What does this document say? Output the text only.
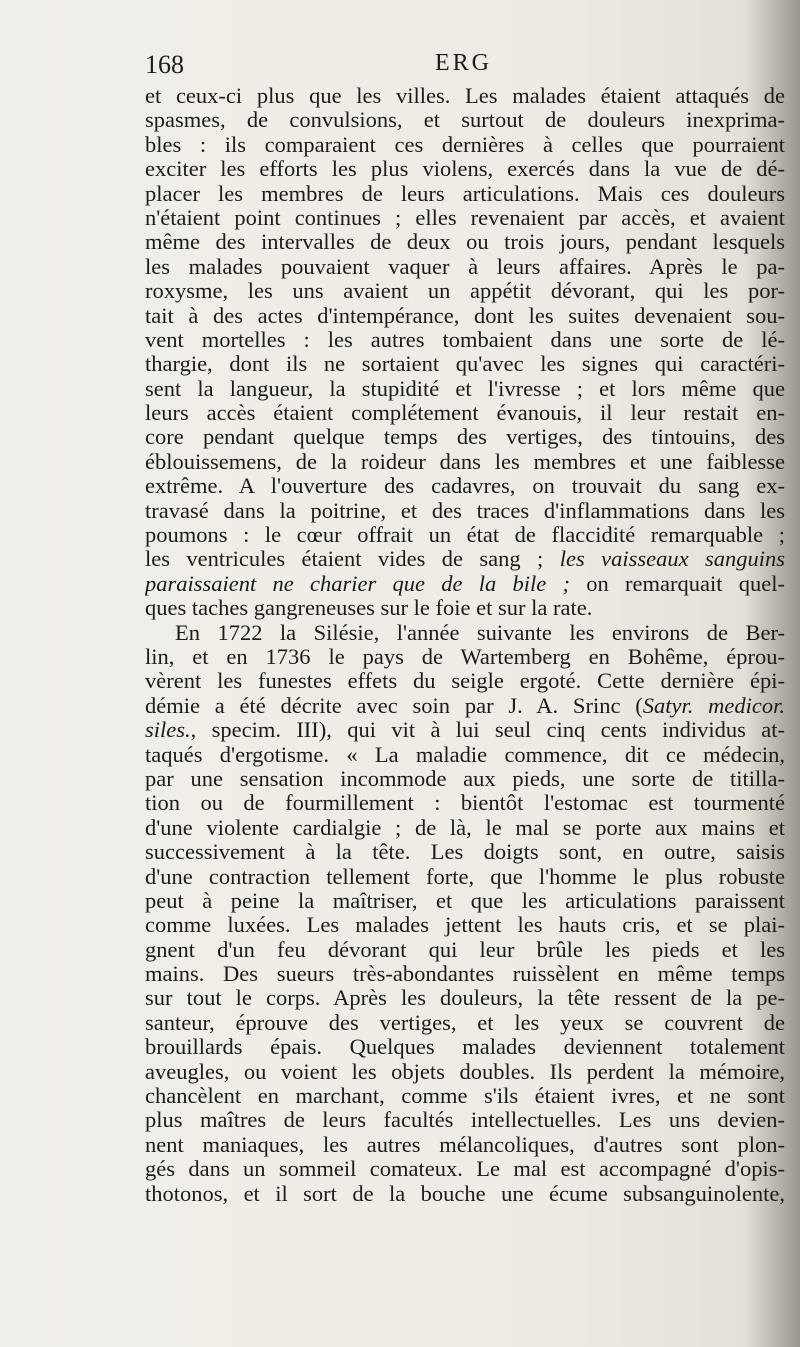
168	ERG
et ceux-ci plus que les villes. Les malades étaient attaqués de
spasmes, de convulsions, et surtout de douleurs inexprima-
bles : ils comparaient ces dernières à celles que pourraient
exciter les efforts les plus violens, exercés dans la vue de dé-
placer les membres de leurs articulations. Mais ces douleurs
n'étaient point continues ; elles revenaient par accès, et avaient
même des intervalles de deux ou trois jours, pendant lesquels
les malades pouvaient vaquer à leurs affaires. Après le pa-
roxysme, les uns avaient un appétit dévorant, qui les por-
tait à des actes d'intempérance, dont les suites devenaient sou-
vent mortelles : les autres tombaient dans une sorte de lé-
thargie, dont ils ne sortaient qu'avec les signes qui caractéri-
sent la langueur, la stupidité et l'ivresse ; et lors même que
leurs accès étaient complétement évanouis, il leur restait en-
core pendant quelque temps des vertiges, des tintouins, des
éblouissemens, de la roideur dans les membres et une faiblesse
extrême. A l'ouverture des cadavres, on trouvait du sang ex-
travasé dans la poitrine, et des traces d'inflammations dans les
poumons : le cœur offrait un état de flaccidité remarquable ;
les ventricules étaient vides de sang ; les vaisseaux sanguins
paraissaient ne charier que de la bile ; on remarquait quel-
ques taches gangreneuses sur le foie et sur la rate.
En 1722 la Silésie, l'année suivante les environs de Ber-
lin, et en 1736 le pays de Wartemberg en Bohême, éprou-
vèrent les funestes effets du seigle ergoté. Cette dernière épi-
démie a été décrite avec soin par J. A. Srinc (Satyr. medicor.
siles., specim. III), qui vit à lui seul cinq cents individus at-
taqués d'ergotisme. « La maladie commence, dit ce médecin,
par une sensation incommode aux pieds, une sorte de titilla-
tion ou de fourmillement : bientôt l'estomac est tourmenté
d'une violente cardialgie ; de là, le mal se porte aux mains et
successivement à la tête. Les doigts sont, en outre, saisis
d'une contraction tellement forte, que l'homme le plus robuste
peut à peine la maîtriser, et que les articulations paraissent
comme luxées. Les malades jettent les hauts cris, et se plai-
gnent d'un feu dévorant qui leur brûle les pieds et les
mains. Des sueurs très-abondantes ruissèlent en même temps
sur tout le corps. Après les douleurs, la tête ressent de la pe-
santeur, éprouve des vertiges, et les yeux se couvrent de
brouillards épais. Quelques malades deviennent totalement
aveugles, ou voient les objets doubles. Ils perdent la mémoire,
chancèlent en marchant, comme s'ils étaient ivres, et ne sont
plus maîtres de leurs facultés intellectuelles. Les uns devien-
nent maniaques, les autres mélancoliques, d'autres sont plon-
gés dans un sommeil comateux. Le mal est accompagné d'opis-
thotonos, et il sort de la bouche une écume subsanguinolente,
